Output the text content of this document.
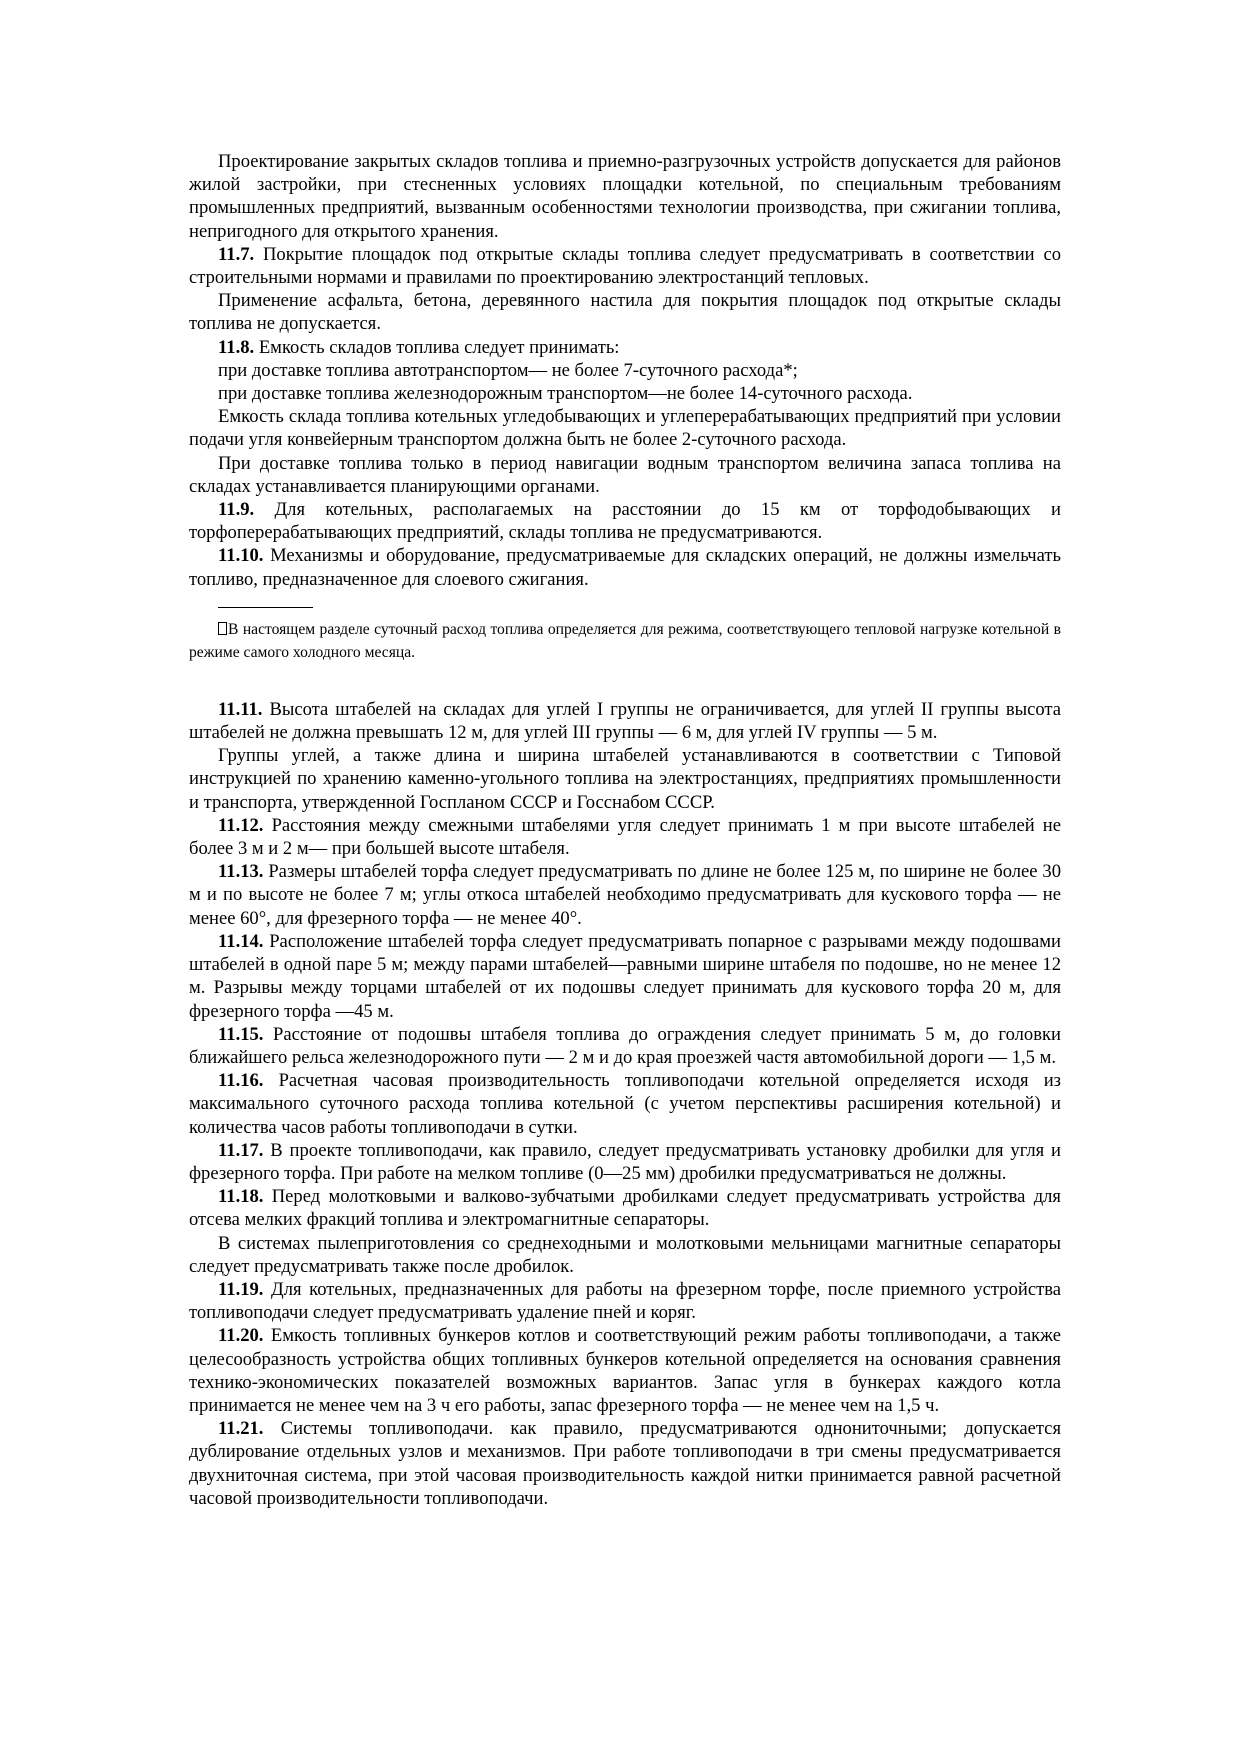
Проектирование закрытых складов топлива и приемно-разгрузочных устройств допускается для районов жилой застройки, при стесненных условиях площадки котельной, по специальным требованиям промышленных предприятий, вызванным особенностями технологии производства, при сжигании топлива, непригодного для открытого хранения.

11.7. Покрытие площадок под открытые склады топлива следует предусматривать в соответствии со строительными нормами и правилами по проектированию электростанций тепловых.

Применение асфальта, бетона, деревянного настила для покрытия площадок под открытые склады топлива не допускается.

11.8. Емкость складов топлива следует принимать:

при доставке топлива автотранспортом— не более 7-суточного расхода*;

при доставке топлива железнодорожным транспортом—не более 14-суточного расхода.

Емкость склада топлива котельных угледобывающих и углеперерабатывающих предприятий при условии подачи угля конвейерным транспортом должна быть не более 2-суточного расхода.

При доставке топлива только в период навигации водным транспортом величина запаса топлива на складах устанавливается планирующими органами.

11.9. Для котельных, располагаемых на расстоянии до 15 км от торфодобывающих и торфоперерабатывающих предприятий, склады топлива не предусматриваются.

11.10. Механизмы и оборудование, предусматриваемые для складских операций, не должны измельчать топливо, предназначенное для слоевого сжигания.

В настоящем разделе суточный расход топлива определяется для режима, соответствующего тепловой нагрузке котельной в режиме самого холодного месяца.

11.11. Высота штабелей на складах для углей I группы не ограничивается, для углей II группы высота штабелей не должна превышать 12 м, для углей III группы — 6 м, для углей IV группы — 5 м.

Группы углей, а также длина и ширина штабелей устанавливаются в соответствии с Типовой инструкцией по хранению каменно-угольного топлива на электростанциях, предприятиях промышленности и транспорта, утвержденной Госпланом СССР и Госснабом СССР.

11.12. Расстояния между смежными штабелями угля следует принимать 1 м при высоте штабелей не более 3 м и 2 м— при большей высоте штабеля.

11.13. Размеры штабелей торфа следует предусматривать по длине не более 125 м, по ширине не более 30 м и по высоте не более 7 м; углы откоса штабелей необходимо предусматривать для кускового торфа — не менее 60°, для фрезерного торфа — не менее 40°.

11.14. Расположение штабелей торфа следует предусматривать попарное с разрывами между подошвами штабелей в одной паре 5 м; между парами штабелей—равными ширине штабеля по подошве, но не менее 12 м. Разрывы между торцами штабелей от их подошвы следует принимать для кускового торфа 20 м, для фрезерного торфа —45 м.

11.15. Расстояние от подошвы штабеля топлива до ограждения следует принимать 5 м, до головки ближайшего рельса железнодорожного пути — 2 м и до края проезжей частя автомобильной дороги — 1,5 м.

11.16. Расчетная часовая производительность топливоподачи котельной определяется исходя из максимального суточного расхода топлива котельной (с учетом перспективы расширения котельной) и количества часов работы топливоподачи в сутки.

11.17. В проекте топливоподачи, как правило, следует предусматривать установку дробилки для угля и фрезерного торфа. При работе на мелком топливе (0—25 мм) дробилки предусматриваться не должны.

11.18. Перед молотковыми и валково-зубчатыми дробилками следует предусматривать устройства для отсева мелких фракций топлива и электромагнитные сепараторы.

В системах пылеприготовления со среднеходными и молотковыми мельницами магнитные сепараторы следует предусматривать также после дробилок.

11.19. Для котельных, предназначенных для работы на фрезерном торфе, после приемного устройства топливоподачи следует предусматривать удаление пней и коряг.

11.20. Емкость топливных бункеров котлов и соответствующий режим работы топливоподачи, а также целесообразность устройства общих топливных бункеров котельной определяется на основания сравнения технико-экономических показателей возможных вариантов. Запас угля в бункерах каждого котла принимается не менее чем на 3 ч его работы, запас фрезерного торфа — не менее чем на 1,5 ч.

11.21. Системы топливоподачи. как правило, предусматриваются однониточными; допускается дублирование отдельных узлов и механизмов. При работе топливоподачи в три смены предусматривается двухниточная система, при этой часовая производительность каждой нитки принимается равной расчетной часовой производительности топливоподачи.
